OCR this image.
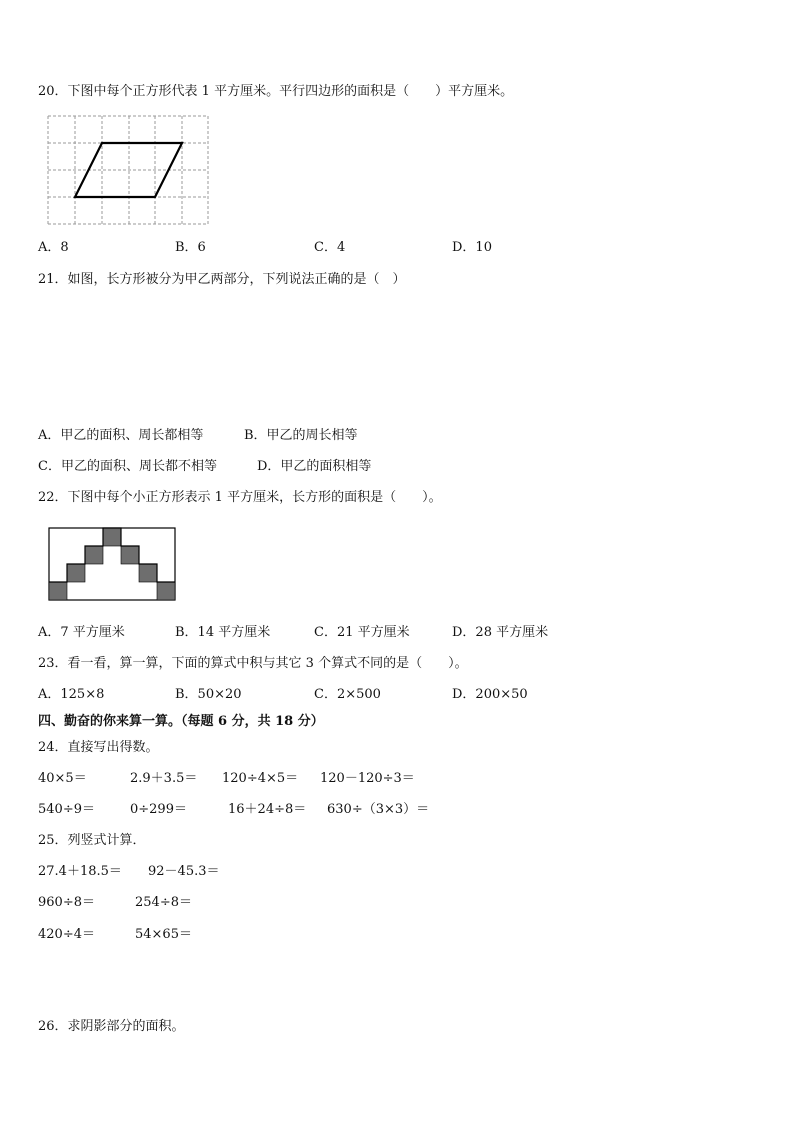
20．下图中每个正方形代表 1 平方厘米。平行四边形的面积是（　　）平方厘米。
A．8	B．6	C．4	D．10
21．如图，长方形被分为甲乙两部分，下列说法正确的是（　）
A．甲乙的面积、周长都相等	B．甲乙的周长相等
C．甲乙的面积、周长都不相等	D．甲乙的面积相等
22．下图中每个小正方形表示 1 平方厘米，长方形的面积是（　　）。
A．7 平方厘米	B．14 平方厘米	C．21 平方厘米	D．28 平方厘米
23．看一看，算一算，下面的算式中积与其它 3 个算式不同的是（　　）。
A．125×8	B．50×20	C．2×500	D．200×50
四、勤奋的你来算一算。（每题 6 分，共 18 分）
24．直接写出得数。
40×5＝	2.9＋3.5＝ 120÷4×5＝ 120－120÷3＝
540÷9＝	0÷299＝	16＋24÷8＝ 630÷（3×3）＝
25．列竖式计算．
27.4＋18.5＝ 92－45.3＝
960÷8＝	254÷8＝
420÷4＝	54×65＝
26．求阴影部分的面积。
